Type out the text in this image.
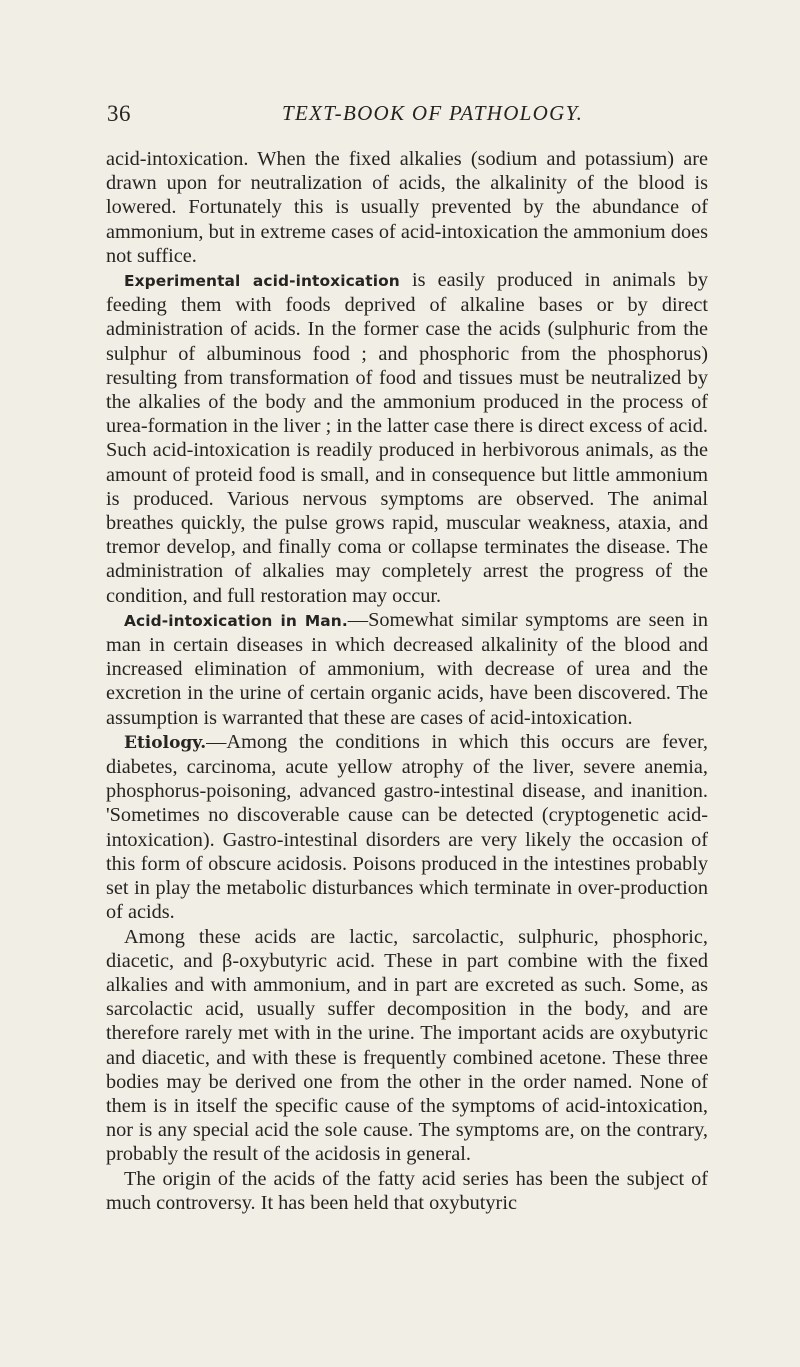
36	TEXT-BOOK OF PATHOLOGY.

acid-intoxication. When the fixed alkalies (sodium and potassium) are drawn upon for neutralization of acids, the alkalinity of the blood is lowered. Fortunately this is usually prevented by the abundance of ammonium, but in extreme cases of acid-intoxication the ammonium does not suffice.

Experimental acid-intoxication is easily produced in animals by feeding them with foods deprived of alkaline bases or by direct administration of acids. In the former case the acids (sulphuric from the sulphur of albuminous food ; and phosphoric from the phosphorus) resulting from transformation of food and tissues must be neutralized by the alkalies of the body and the ammonium produced in the process of urea-formation in the liver ; in the latter case there is direct excess of acid. Such acid-intoxication is readily produced in herbivorous animals, as the amount of proteid food is small, and in consequence but little ammonium is produced. Various nervous symptoms are observed. The animal breathes quickly, the pulse grows rapid, muscular weakness, ataxia, and tremor develop, and finally coma or collapse terminates the disease. The administration of alkalies may completely arrest the progress of the condition, and full restoration may occur.

Acid-intoxication in Man.—Somewhat similar symptoms are seen in man in certain diseases in which decreased alkalinity of the blood and increased elimination of ammonium, with decrease of urea and the excretion in the urine of certain organic acids, have been discovered. The assumption is warranted that these are cases of acid-intoxication.

Etiology.—Among the conditions in which this occurs are fever, diabetes, carcinoma, acute yellow atrophy of the liver, severe anemia, phosphorus-poisoning, advanced gastro-intestinal disease, and inanition. 'Sometimes no discoverable cause can be detected (cryptogenetic acid-intoxication). Gastro-intestinal disorders are very likely the occasion of this form of obscure acidosis. Poisons produced in the intestines probably set in play the metabolic disturbances which terminate in over-production of acids.

Among these acids are lactic, sarcolactic, sulphuric, phosphoric, diacetic, and β-oxybutyric acid. These in part combine with the fixed alkalies and with ammonium, and in part are excreted as such. Some, as sarcolactic acid, usually suffer decomposition in the body, and are therefore rarely met with in the urine. The important acids are oxybutyric and diacetic, and with these is frequently combined acetone. These three bodies may be derived one from the other in the order named. None of them is in itself the specific cause of the symptoms of acid-intoxication, nor is any special acid the sole cause. The symptoms are, on the contrary, probably the result of the acidosis in general.

The origin of the acids of the fatty acid series has been the subject of much controversy. It has been held that oxybutyric
